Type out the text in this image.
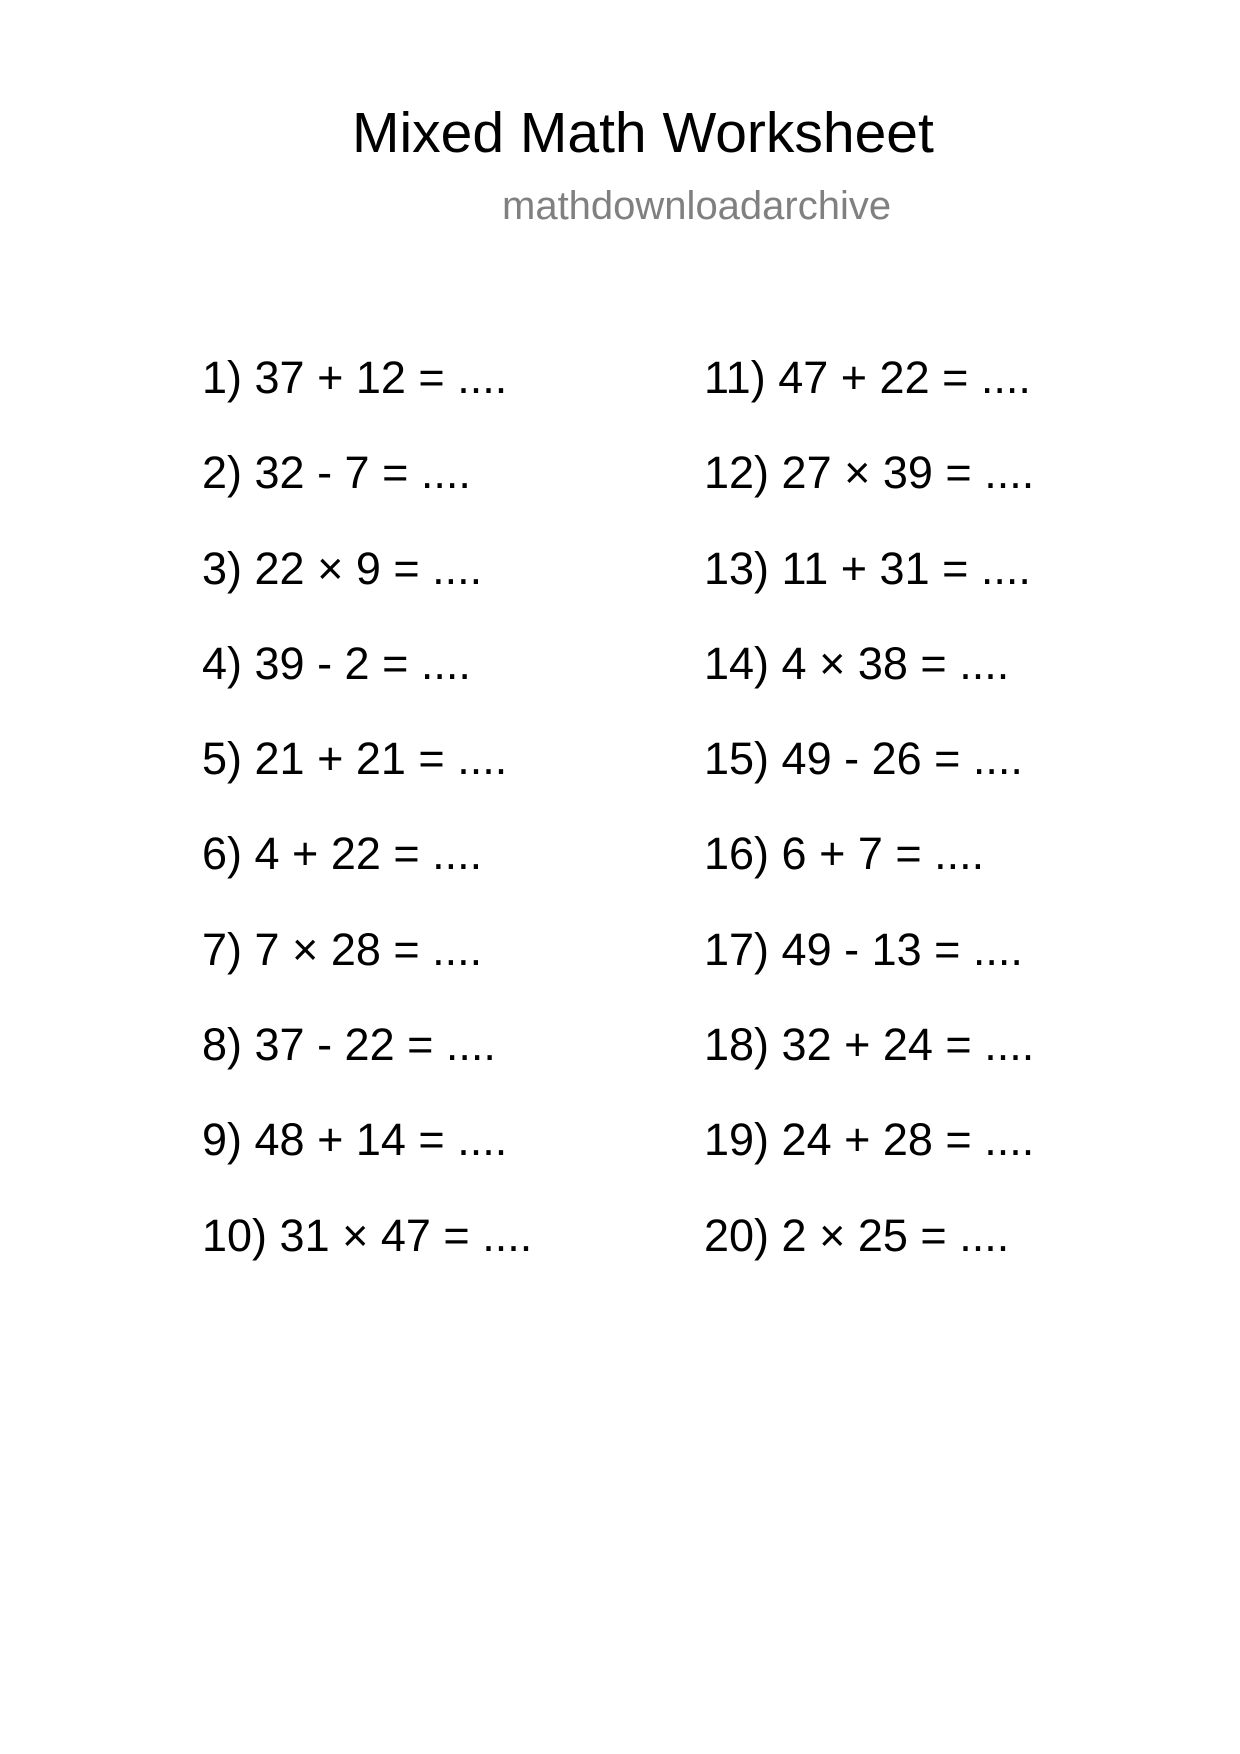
Mixed Math Worksheet
mathdownloadarchive
1) 37 + 12 = ....
2) 32 - 7 = ....
3) 22 × 9 = ....
4) 39 - 2 = ....
5) 21 + 21 = ....
6) 4 + 22 = ....
7) 7 × 28 = ....
8) 37 - 22 = ....
9) 48 + 14 = ....
10) 31 × 47 = ....
11) 47 + 22 = ....
12) 27 × 39 = ....
13) 11 + 31 = ....
14) 4 × 38 = ....
15) 49 - 26 = ....
16) 6 + 7 = ....
17) 49 - 13 = ....
18) 32 + 24 = ....
19) 24 + 28 = ....
20) 2 × 25 = ....
